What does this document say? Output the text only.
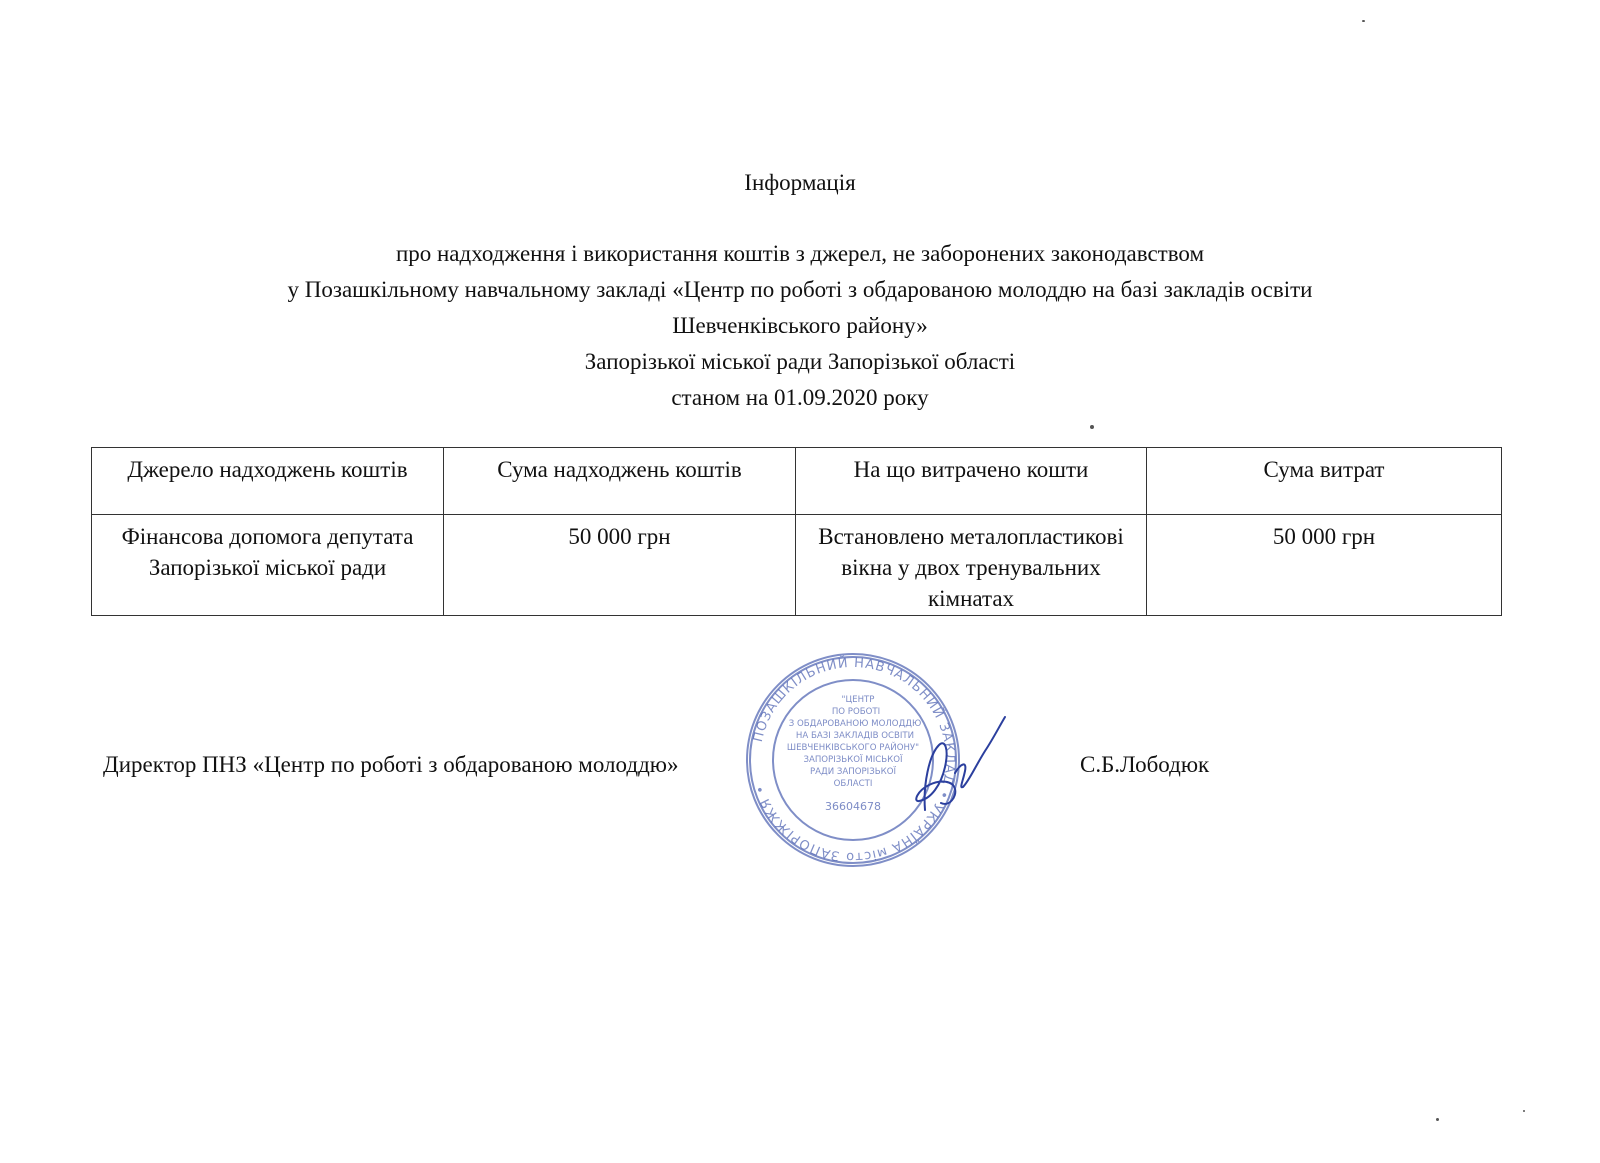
Інформація
про надходження і використання коштів з джерел, не заборонених законодавством
у Позашкільному навчальному закладі «Центр по роботі з обдарованою молоддю на базі закладів освіти
Шевченківського району»
Запорізької міської ради Запорізької області
станом на 01.09.2020 року
Джерело надходжень коштів	Сума надходжень коштів	На що витрачено кошти	Сума витрат
Фінансова допомога депутата Запорізької міської ради	50 000 грн	Встановлено металопластикові вікна у двох тренувальних кімнатах	50 000 грн
Директор ПНЗ «Центр по роботі з обдарованою молоддю»	С.Б.Лободюк
ПОЗАШКІЛЬНИЙ НАВЧАЛЬНИЙ ЗАКЛАД • УКРАЇНА місто ЗАПОРІЖЖЯ •
"ЦЕНТР
ПО РОБОТІ
З ОБДАРОВАНОЮ МОЛОДДЮ
НА БАЗІ ЗАКЛАДІВ ОСВІТИ
ШЕВЧЕНКІВСЬКОГО РАЙОНУ"
ЗАПОРІЗЬКОЇ МІСЬКОЇ
РАДИ ЗАПОРІЗЬКОЇ
ОБЛАСТІ
36604678
